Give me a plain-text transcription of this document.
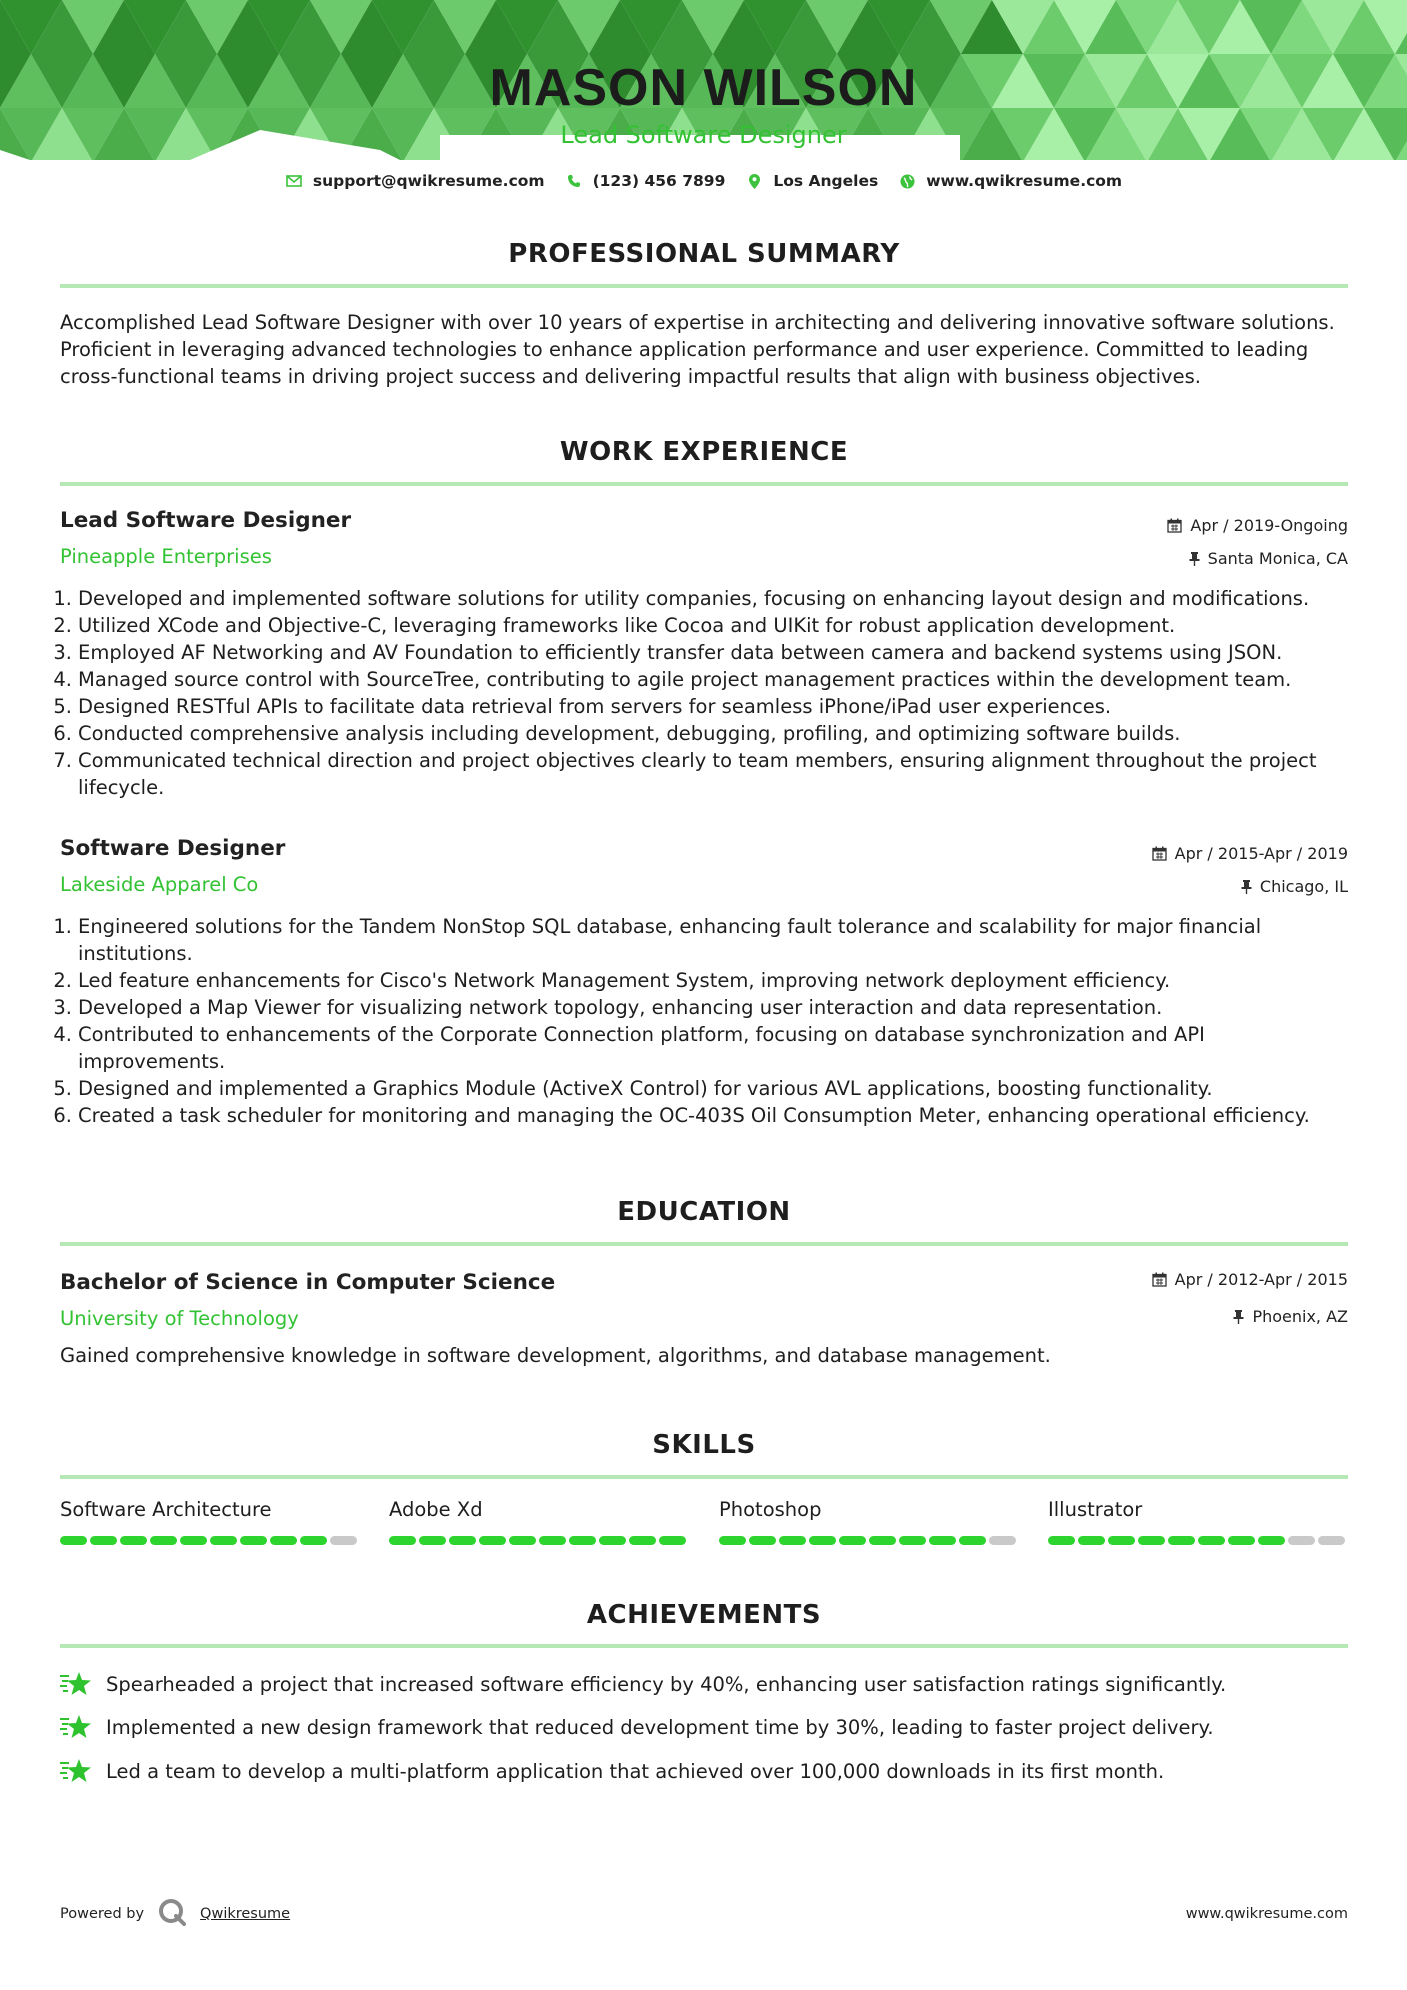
MASON WILSON
Lead Software Designer
support@qwikresume.com	(123) 456 7899	Los Angeles	www.qwikresume.com
PROFESSIONAL SUMMARY
Accomplished Lead Software Designer with over 10 years of expertise in architecting and delivering innovative software solutions. Proficient in leveraging advanced technologies to enhance application performance and user experience. Committed to leading cross-functional teams in driving project success and delivering impactful results that align with business objectives.
WORK EXPERIENCE
Lead Software Designer
Pineapple Enterprises
Apr / 2019-Ongoing
Santa Monica, CA
1. Developed and implemented software solutions for utility companies, focusing on enhancing layout design and modifications.
2. Utilized XCode and Objective-C, leveraging frameworks like Cocoa and UIKit for robust application development.
3. Employed AF Networking and AV Foundation to efficiently transfer data between camera and backend systems using JSON.
4. Managed source control with SourceTree, contributing to agile project management practices within the development team.
5. Designed RESTful APIs to facilitate data retrieval from servers for seamless iPhone/iPad user experiences.
6. Conducted comprehensive analysis including development, debugging, profiling, and optimizing software builds.
7. Communicated technical direction and project objectives clearly to team members, ensuring alignment throughout the project lifecycle.
Software Designer
Lakeside Apparel Co
Apr / 2015-Apr / 2019
Chicago, IL
1. Engineered solutions for the Tandem NonStop SQL database, enhancing fault tolerance and scalability for major financial institutions.
2. Led feature enhancements for Cisco's Network Management System, improving network deployment efficiency.
3. Developed a Map Viewer for visualizing network topology, enhancing user interaction and data representation.
4. Contributed to enhancements of the Corporate Connection platform, focusing on database synchronization and API improvements.
5. Designed and implemented a Graphics Module (ActiveX Control) for various AVL applications, boosting functionality.
6. Created a task scheduler for monitoring and managing the OC-403S Oil Consumption Meter, enhancing operational efficiency.
EDUCATION
Bachelor of Science in Computer Science
University of Technology
Apr / 2012-Apr / 2015
Phoenix, AZ
Gained comprehensive knowledge in software development, algorithms, and database management.
SKILLS
Software Architecture	Adobe Xd	Photoshop	Illustrator
ACHIEVEMENTS
Spearheaded a project that increased software efficiency by 40%, enhancing user satisfaction ratings significantly.
Implemented a new design framework that reduced development time by 30%, leading to faster project delivery.
Led a team to develop a multi-platform application that achieved over 100,000 downloads in its first month.
Powered by	Qwikresume	www.qwikresume.com
